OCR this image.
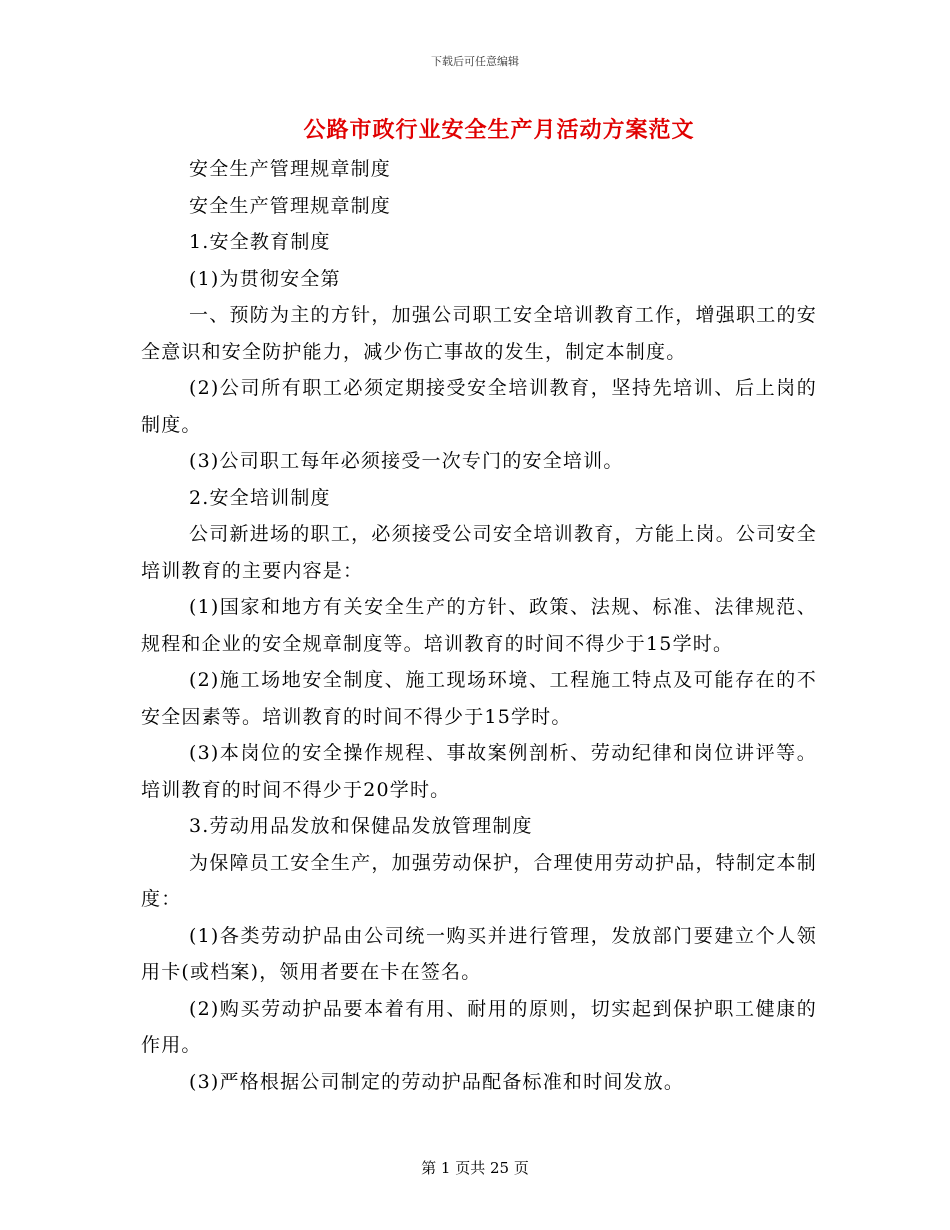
下载后可任意编辑
公路市政行业安全生产月活动方案范文

安全生产管理规章制度

安全生产管理规章制度

1.安全教育制度

(1)为贯彻安全第

一、预防为主的方针，加强公司职工安全培训教育工作，增强职工的安全意识和安全防护能力，减少伤亡事故的发生，制定本制度。

(2)公司所有职工必须定期接受安全培训教育，坚持先培训、后上岗的制度。

(3)公司职工每年必须接受一次专门的安全培训。

2.安全培训制度

公司新进场的职工，必须接受公司安全培训教育，方能上岗。公司安全培训教育的主要内容是：

(1)国家和地方有关安全生产的方针、政策、法规、标准、法律规范、规程和企业的安全规章制度等。培训教育的时间不得少于15学时。

(2)施工场地安全制度、施工现场环境、工程施工特点及可能存在的不安全因素等。培训教育的时间不得少于15学时。

(3)本岗位的安全操作规程、事故案例剖析、劳动纪律和岗位讲评等。培训教育的时间不得少于20学时。

3.劳动用品发放和保健品发放管理制度

为保障员工安全生产，加强劳动保护，合理使用劳动护品，特制定本制度：

(1)各类劳动护品由公司统一购买并进行管理，发放部门要建立个人领用卡(或档案)，领用者要在卡在签名。

(2)购买劳动护品要本着有用、耐用的原则，切实起到保护职工健康的作用。

(3)严格根据公司制定的劳动护品配备标准和时间发放。

第 1 页共 25 页
